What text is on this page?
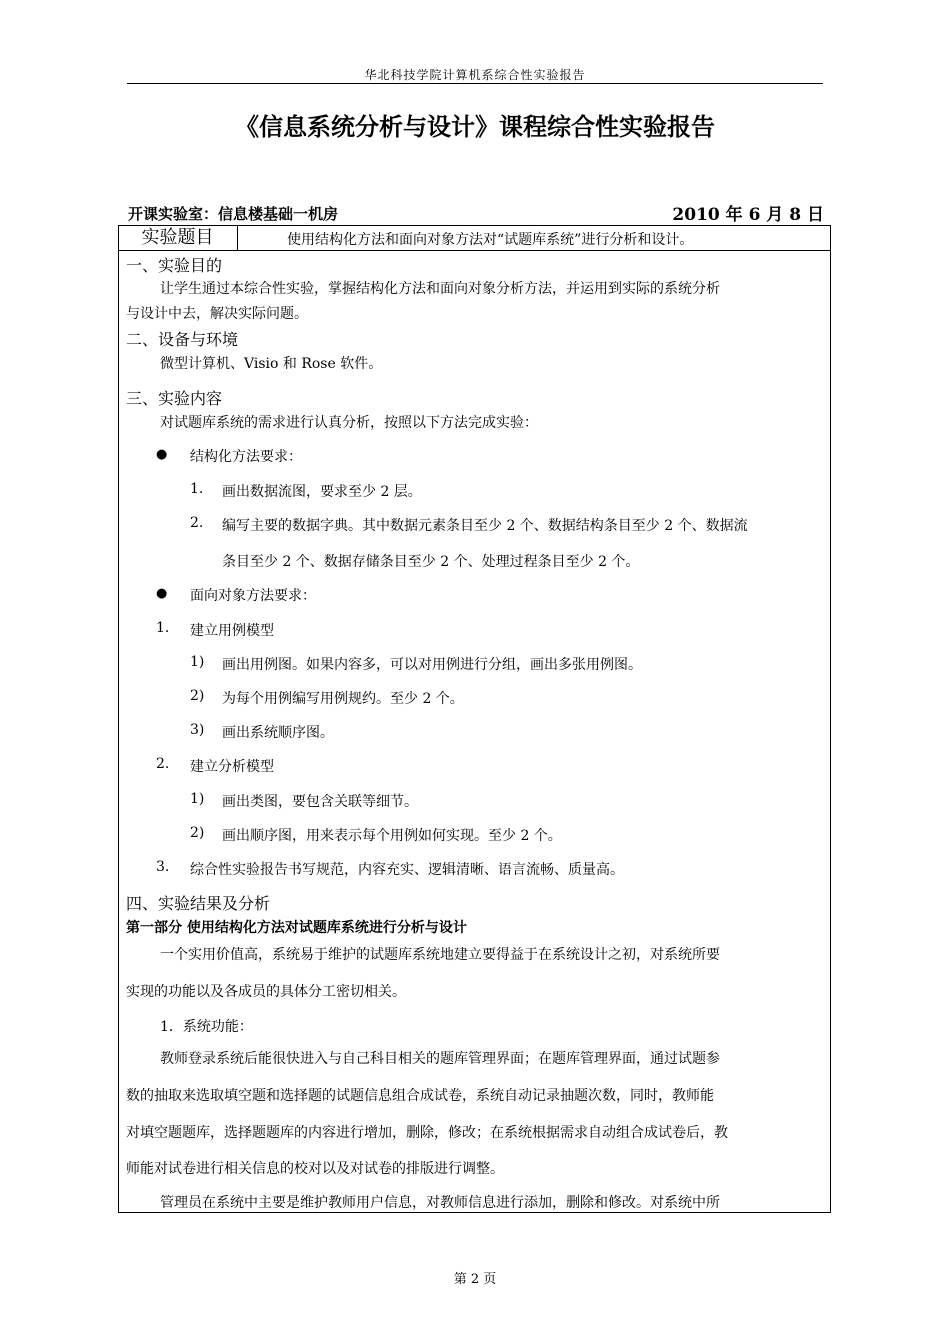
华北科技学院计算机系综合性实验报告
《信息系统分析与设计》课程综合性实验报告
开课实验室：信息楼基础一机房	2010 年 6 月 8 日
实验题目	使用结构化方法和面向对象方法对“试题库系统”进行分析和设计。
一、实验目的
让学生通过本综合性实验，掌握结构化方法和面向对象分析方法，并运用到实际的系统分析
与设计中去，解决实际问题。
二、设备与环境
微型计算机、Visio 和 Rose 软件。
三、实验内容
对试题库系统的需求进行认真分析，按照以下方法完成实验：
● 结构化方法要求：
1. 画出数据流图，要求至少 2 层。
2. 编写主要的数据字典。其中数据元素条目至少 2 个、数据结构条目至少 2 个、数据流
条目至少 2 个、数据存储条目至少 2 个、处理过程条目至少 2 个。
● 面向对象方法要求：
1. 建立用例模型
1) 画出用例图。如果内容多，可以对用例进行分组，画出多张用例图。
2) 为每个用例编写用例规约。至少 2 个。
3) 画出系统顺序图。
2. 建立分析模型
1) 画出类图，要包含关联等细节。
2) 画出顺序图，用来表示每个用例如何实现。至少 2 个。
3. 综合性实验报告书写规范，内容充实、逻辑清晰、语言流畅、质量高。
四、实验结果及分析
第一部分 使用结构化方法对试题库系统进行分析与设计
一个实用价值高，系统易于维护的试题库系统地建立要得益于在系统设计之初，对系统所要
实现的功能以及各成员的具体分工密切相关。
1．系统功能：
教师登录系统后能很快进入与自己科目相关的题库管理界面；在题库管理界面，通过试题参
数的抽取来选取填空题和选择题的试题信息组合成试卷，系统自动记录抽题次数，同时，教师能
对填空题题库，选择题题库的内容进行增加，删除，修改；在系统根据需求自动组合成试卷后，教
师能对试卷进行相关信息的校对以及对试卷的排版进行调整。
管理员在系统中主要是维护教师用户信息，对教师信息进行添加，删除和修改。对系统中所
第 2 页
